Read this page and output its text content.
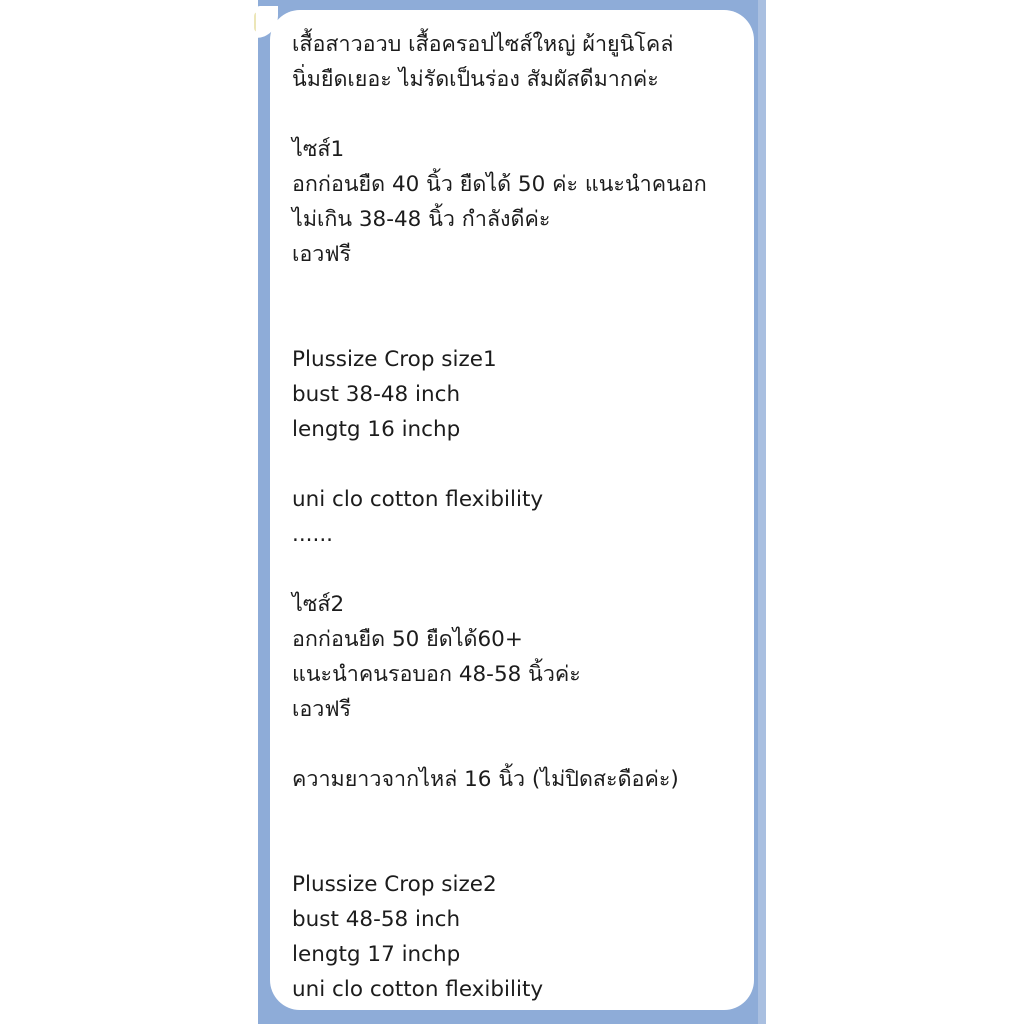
เสื้อสาวอวบ เสื้อครอปไซส์ใหญ่ ผ้ายูนิโคล่
นิ่มยืดเยอะ ไม่รัดเป็นร่อง สัมผัสดีมากค่ะ
ไซส์1
อกก่อนยืด 40 นิ้ว ยืดได้ 50 ค่ะ แนะนำคนอก
ไม่เกิน 38-48 นิ้ว กำลังดีค่ะ
เอวฟรี
Plussize Crop size1
bust 38-48 inch
lengtg 16 inchp
uni clo cotton flexibility
......
ไซส์2
อกก่อนยืด 50 ยืดได้60+
แนะนำคนรอบอก 48-58 นิ้วค่ะ
เอวฟรี
ความยาวจากไหล่ 16 นิ้ว (ไม่ปิดสะดือค่ะ)
Plussize Crop size2
bust 48-58 inch
lengtg 17 inchp
uni clo cotton flexibility
